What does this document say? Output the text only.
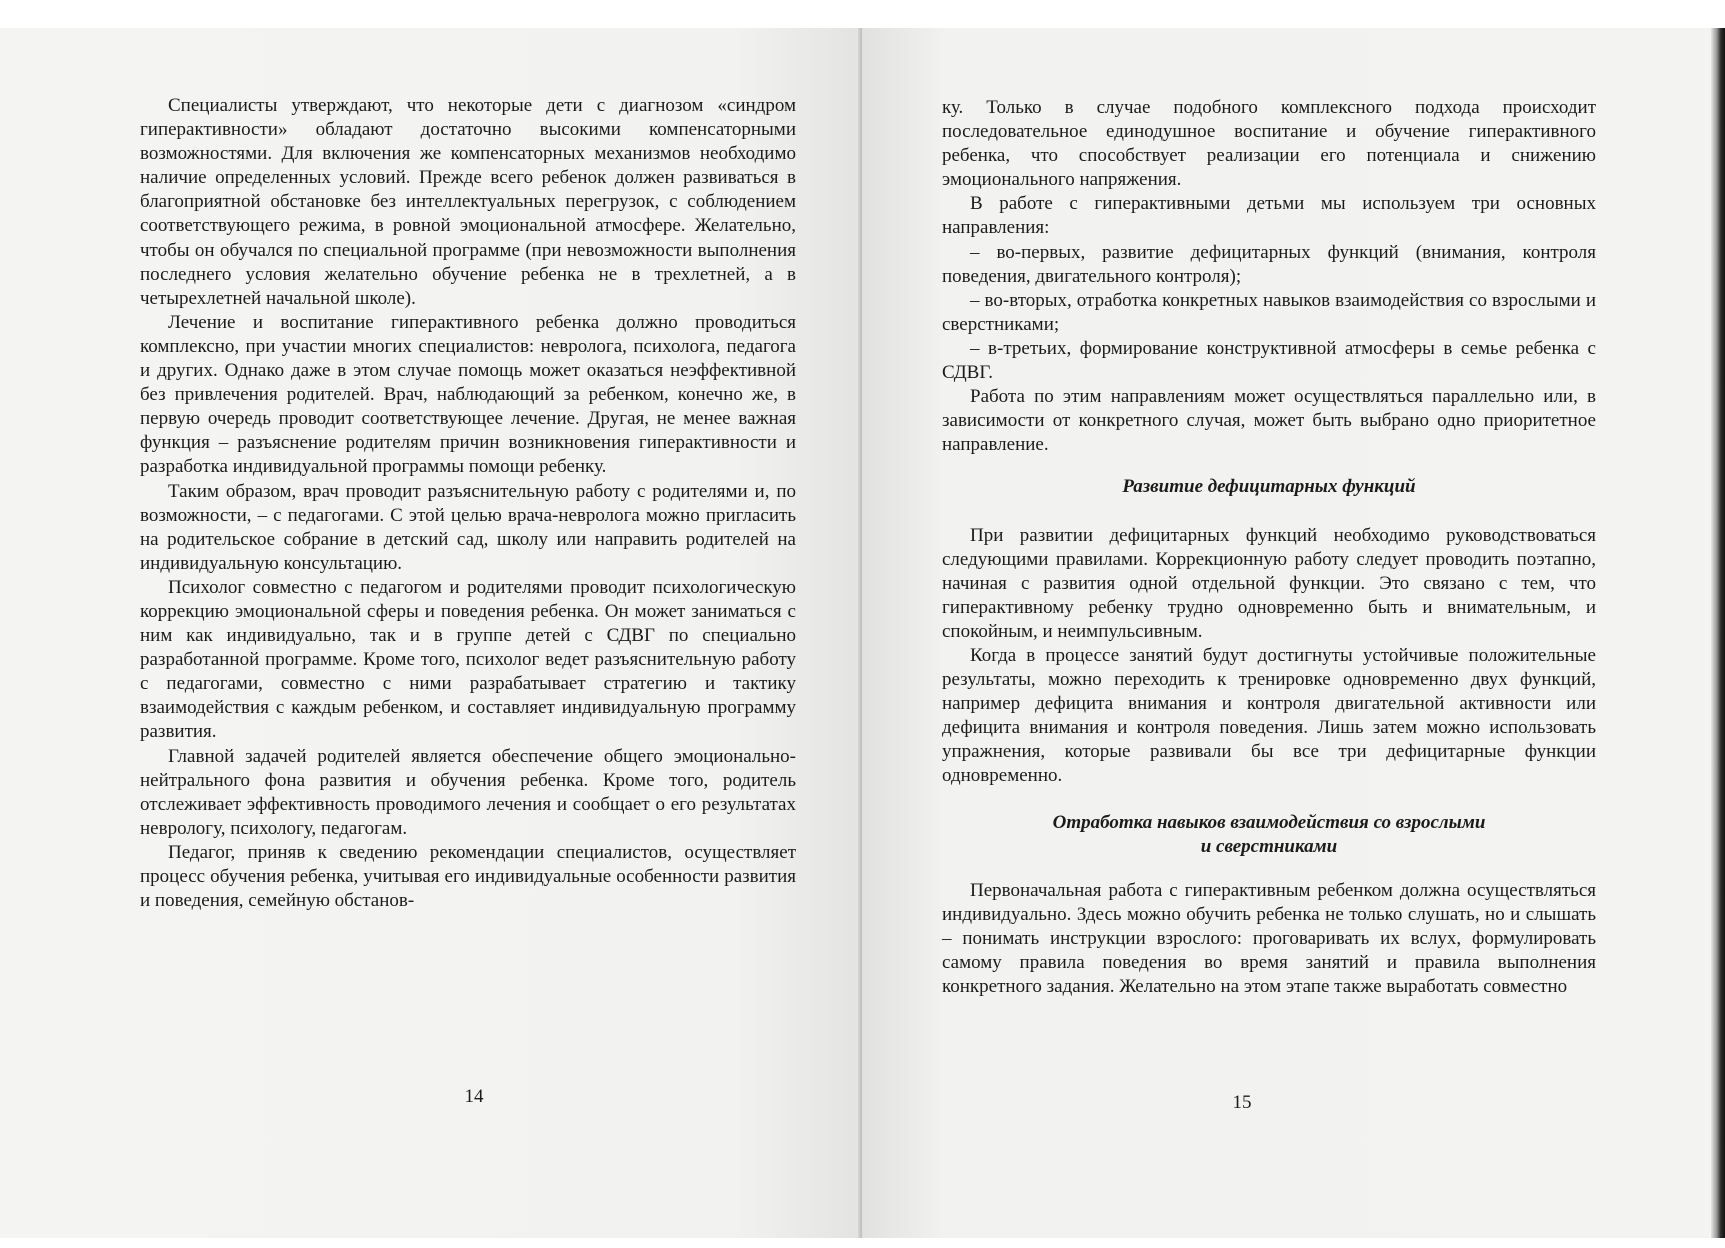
Специалисты утверждают, что некоторые дети с диагнозом «синдром гиперактивности» обладают достаточно высокими компенсаторными возможностями. Для включения же компенсаторных механизмов необходимо наличие определенных условий. Прежде всего ребенок должен развиваться в благоприятной обстановке без интеллектуальных перегрузок, с соблюдением соответствующего режима, в ровной эмоциональной атмосфере. Желательно, чтобы он обучался по специальной программе (при невозможности выполнения последнего условия желательно обучение ребенка не в трехлетней, а в четырехлетней начальной школе).

Лечение и воспитание гиперактивного ребенка должно проводиться комплексно, при участии многих специалистов: невролога, психолога, педагога и других. Однако даже в этом случае помощь может оказаться неэффективной без привлечения родителей. Врач, наблюдающий за ребенком, конечно же, в первую очередь проводит соответствующее лечение. Другая, не менее важная функция – разъяснение родителям причин возникновения гиперактивности и разработка индивидуальной программы помощи ребенку.

Таким образом, врач проводит разъяснительную работу с родителями и, по возможности, – с педагогами. С этой целью врача-невролога можно пригласить на родительское собрание в детский сад, школу или направить родителей на индивидуальную консультацию.

Психолог совместно с педагогом и родителями проводит психологическую коррекцию эмоциональной сферы и поведения ребенка. Он может заниматься с ним как индивидуально, так и в группе детей с СДВГ по специально разработанной программе. Кроме того, психолог ведет разъяснительную работу с педагогами, совместно с ними разрабатывает стратегию и тактику взаимодействия с каждым ребенком, и составляет индивидуальную программу развития.

Главной задачей родителей является обеспечение общего эмоционально-нейтрального фона развития и обучения ребенка. Кроме того, родитель отслеживает эффективность проводимого лечения и сообщает о его результатах неврологу, психологу, педагогам.

Педагог, приняв к сведению рекомендации специалистов, осуществляет процесс обучения ребенка, учитывая его индивидуальные особенности развития и поведения, семейную обстанов-

14

ку. Только в случае подобного комплексного подхода происходит последовательное единодушное воспитание и обучение гиперактивного ребенка, что способствует реализации его потенциала и снижению эмоционального напряжения.

В работе с гиперактивными детьми мы используем три основных направления:

– во-первых, развитие дефицитарных функций (внимания, контроля поведения, двигательного контроля);

– во-вторых, отработка конкретных навыков взаимодействия со взрослыми и сверстниками;

– в-третьих, формирование конструктивной атмосферы в семье ребенка с СДВГ.

Работа по этим направлениям может осуществляться параллельно или, в зависимости от конкретного случая, может быть выбрано одно приоритетное направление.

Развитие дефицитарных функций

При развитии дефицитарных функций необходимо руководствоваться следующими правилами. Коррекционную работу следует проводить поэтапно, начиная с развития одной отдельной функции. Это связано с тем, что гиперактивному ребенку трудно одновременно быть и внимательным, и спокойным, и неимпульсивным.

Когда в процессе занятий будут достигнуты устойчивые положительные результаты, можно переходить к тренировке одновременно двух функций, например дефицита внимания и контроля двигательной активности или дефицита внимания и контроля поведения. Лишь затем можно использовать упражнения, которые развивали бы все три дефицитарные функции одновременно.

Отработка навыков взаимодействия со взрослыми
и сверстниками

Первоначальная работа с гиперактивным ребенком должна осуществляться индивидуально. Здесь можно обучить ребенка не только слушать, но и слышать – понимать инструкции взрослого: проговаривать их вслух, формулировать самому правила поведения во время занятий и правила выполнения конкретного задания. Желательно на этом этапе также выработать совместно

15
